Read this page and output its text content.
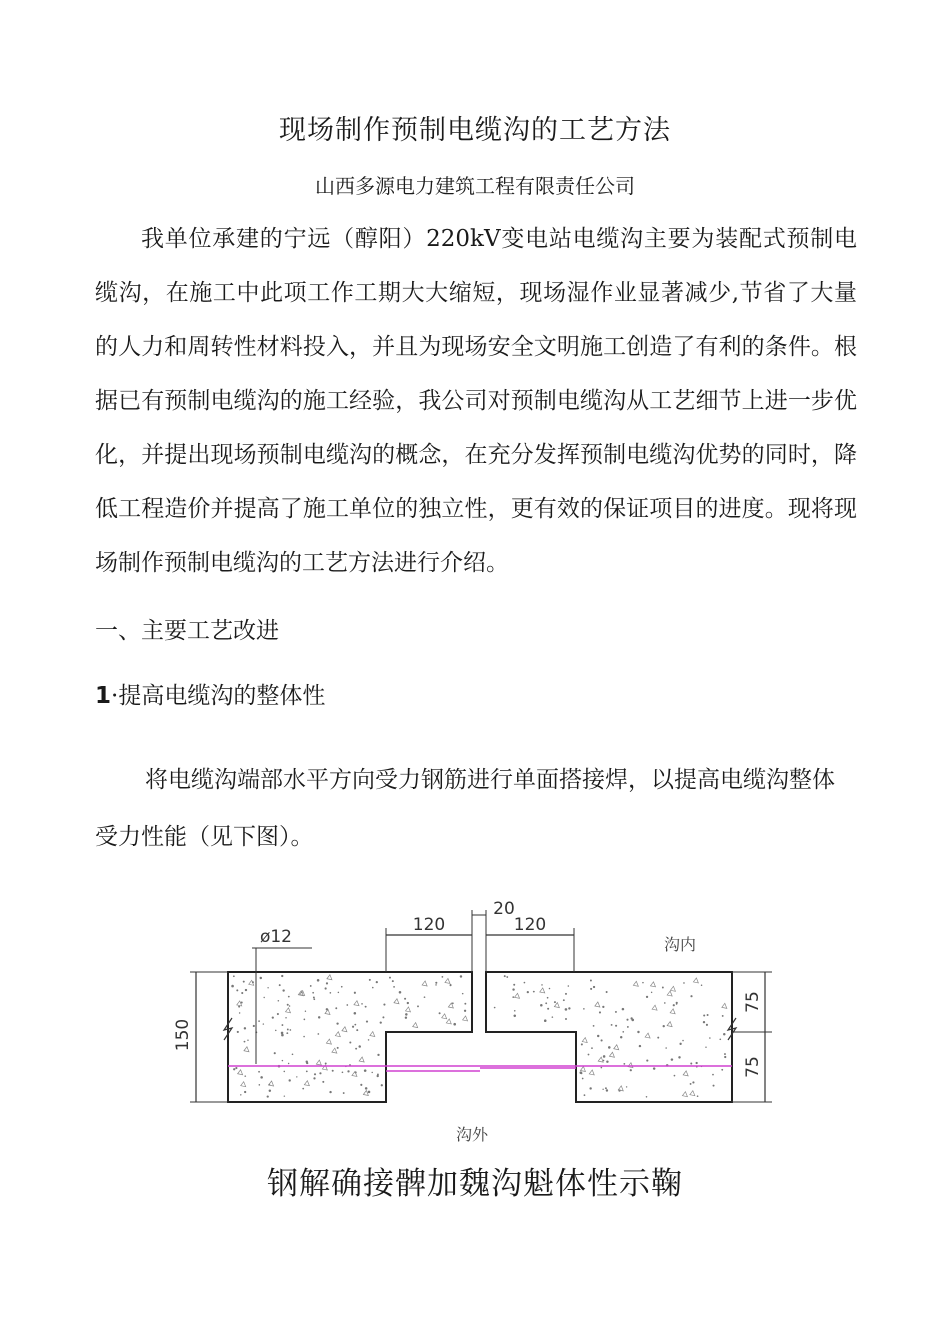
现场制作预制电缆沟的工艺方法
山西多源电力建筑工程有限责任公司

我单位承建的宁远（醇阳）220kV变电站电缆沟主要为装配式预制电缆沟，在施工中此项工作工期大大缩短，现场湿作业显著减少,节省了大量的人力和周转性材料投入，并且为现场安全文明施工创造了有利的条件。根据已有预制电缆沟的施工经验，我公司对预制电缆沟从工艺细节上进一步优化，并提出现场预制电缆沟的概念，在充分发挥预制电缆沟优势的同时，降低工程造价并提高了施工单位的独立性，更有效的保证项目的进度。现将现场制作预制电缆沟的工艺方法进行介绍。

一、主要工艺改进
1·提高电缆沟的整体性

将电缆沟端部水平方向受力钢筋进行单面搭接焊，以提高电缆沟整体受力性能（见下图）。

150
75
75
120	120
20
ø12	沟内
沟外
钢解确接髀加魏沟魁体性示鞠
